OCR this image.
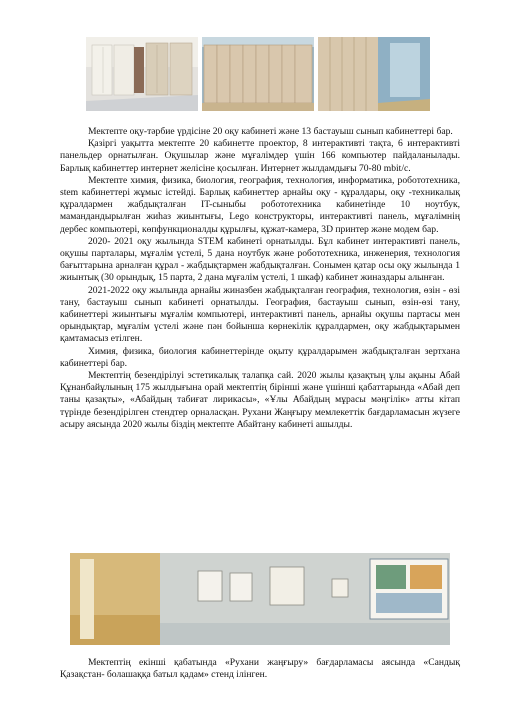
Мектепте оқу-тәрбие үрдісіне 20 оқу кабинеті және 13 бастауыш сынып кабинеттері бар.

Қазіргі уақытта мектепте 20 кабинетте проектор, 8 интерактивті тақта, 6 интерактивті панельдер орнатылған. Оқушылар және мұғалімдер үшін 166 компьютер пайдаланылады. Барлық кабинеттер интернет желісіне қосылған. Интернет жылдамдығы 70-80 mbit/c.

Мектепте химия, физика, биология, география, технология, информатика, робототехника, stem кабинеттері жұмыс істейді. Барлық кабинеттер арнайы оқу - құралдары, оқу -техникалық құралдармен жабдықталған IT-сыныбы робототехника кабинетінде 10 ноутбук, мамандандырылған жиһаз жиынтығы, Lego конструкторы, интерактивті панель, мұғалімнің дербес компьютері, көпфункционалды құрылғы, құжат-камера, 3D принтер және модем бар.

2020- 2021 оқу жылында STEM кабинеті орнатылды. Бұл кабинет интерактивті панель, оқушы парталары, мұғалім үстелі, 5 дана ноутбук және робототехника, инженерия, технология бағыттарына арналған құрал - жабдықтармен жабдықталған. Сонымен қатар осы оқу жылында 1 жиынтық (30 орындық, 15 парта, 2 дана мұғалім үстелі, 1 шкаф) кабинет жиназдары алынған.

2021-2022 оқу жылында арнайы жиназбен жабдықталған география, технология, өзін - өзі тану, бастауыш сынып кабинеті орнатылды. География, бастауыш сынып, өзін-өзі тану, кабинеттері жиынтығы мұғалім компьютері, интерактивті панель, арнайы оқушы партасы мен орындықтар, мұғалім үстелі және пән бойынша көрнекілік құралдармен, оқу жабдықтарымен қамтамасыз етілген.

Химия, физика, биология кабинеттерінде оқыту құралдарымен жабдықталған зертхана кабинеттері бар.

Мектептің безендірілуі эстетикалық талапқа сай. 2020 жылы қазақтың ұлы ақыны Абай Құнанбайұлының 175 жылдығына орай мектептің бірінші және үшінші қабаттарында «Абай деп таны қазақты», «Абайдың табиғат лирикасы», «Ұлы Абайдың мұрасы мәңгілік» атты кітап түрінде безендірілген стендтер орналасқан. Рухани Жаңғыру мемлекеттік бағдарламасын жүзеге асыру аясында 2020 жылы біздің мектепте Абайтану кабинеті ашылды.

Мектептің екінші қабатында «Рухани жаңғыру» бағдарламасы аясында «Сандық Қазақстан- болашаққа батыл қадам» стенд ілінген.
